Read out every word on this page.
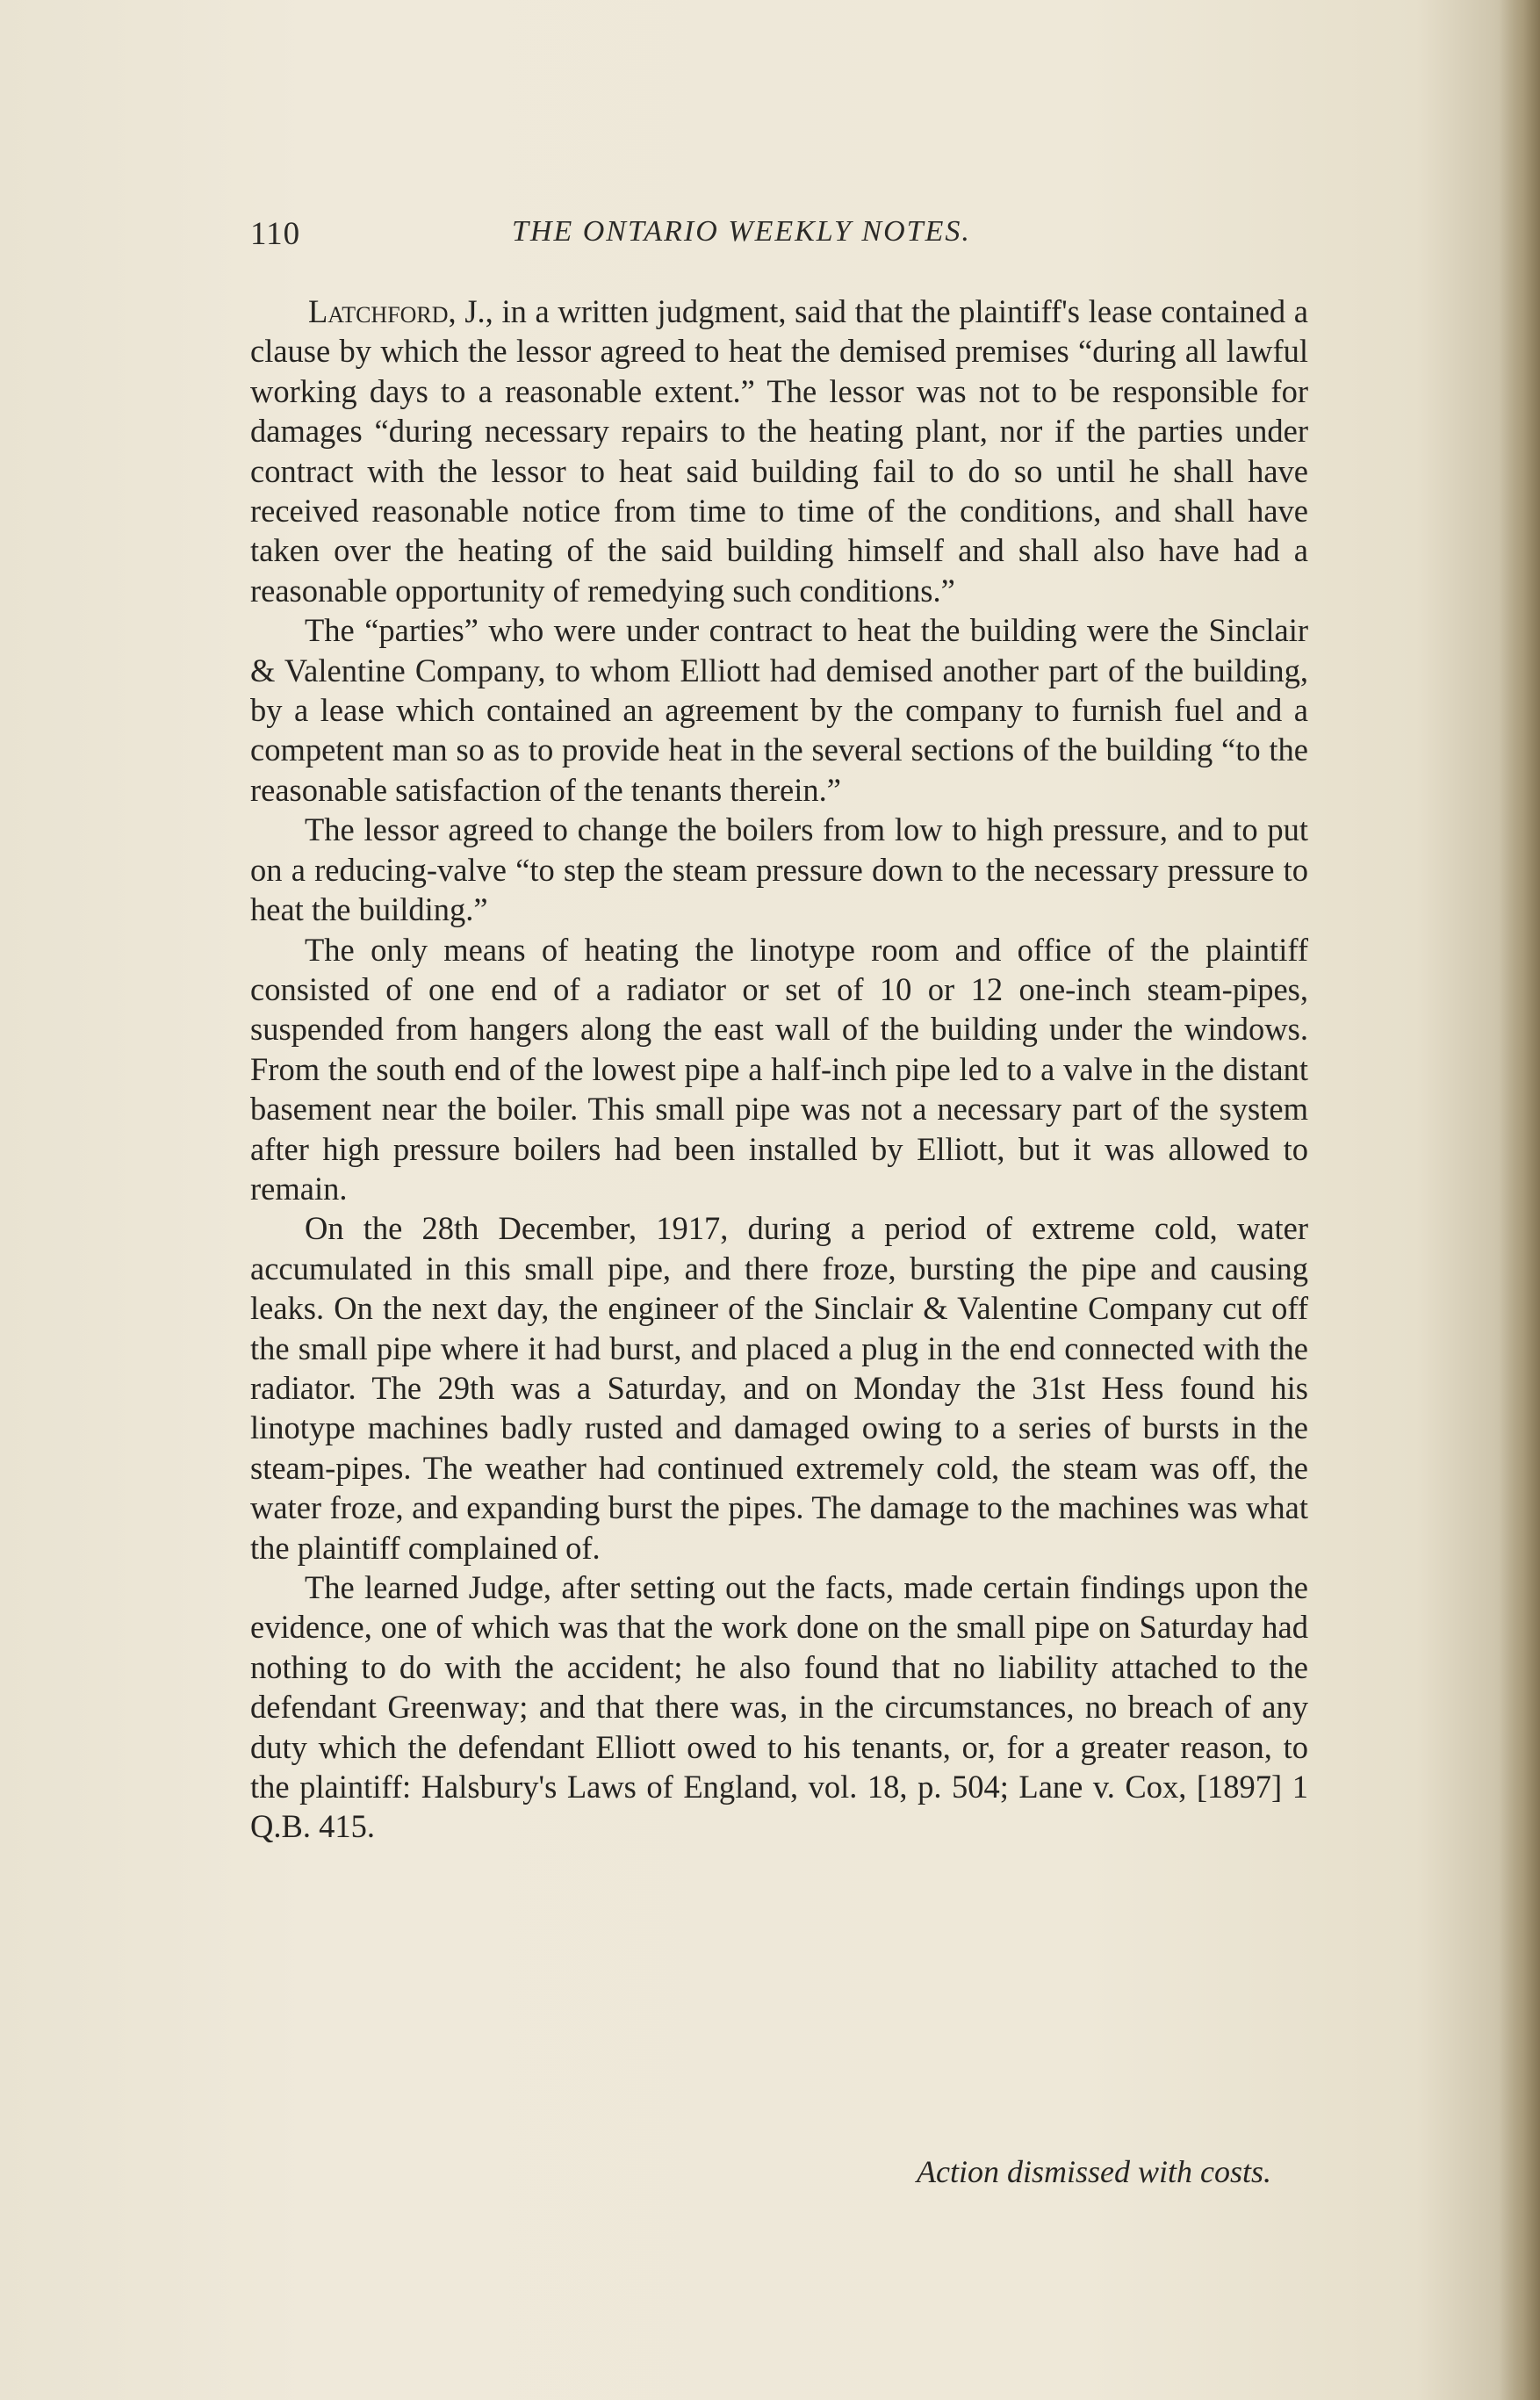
110	THE ONTARIO WEEKLY NOTES.

Latchford, J., in a written judgment, said that the plaintiff's lease contained a clause by which the lessor agreed to heat the demised premises “during all lawful working days to a reasonable extent.” The lessor was not to be responsible for damages “during necessary repairs to the heating plant, nor if the parties under contract with the lessor to heat said building fail to do so until he shall have received reasonable notice from time to time of the conditions, and shall have taken over the heating of the said building himself and shall also have had a reasonable opportunity of remedying such conditions.”

The “parties” who were under contract to heat the building were the Sinclair & Valentine Company, to whom Elliott had demised another part of the building, by a lease which contained an agreement by the company to furnish fuel and a competent man so as to provide heat in the several sections of the building “to the reasonable satisfaction of the tenants therein.”

The lessor agreed to change the boilers from low to high pressure, and to put on a reducing-valve “to step the steam pressure down to the necessary pressure to heat the building.”

The only means of heating the linotype room and office of the plaintiff consisted of one end of a radiator or set of 10 or 12 one-inch steam-pipes, suspended from hangers along the east wall of the building under the windows. From the south end of the lowest pipe a half-inch pipe led to a valve in the distant basement near the boiler. This small pipe was not a necessary part of the system after high pressure boilers had been installed by Elliott, but it was allowed to remain.

On the 28th December, 1917, during a period of extreme cold, water accumulated in this small pipe, and there froze, bursting the pipe and causing leaks. On the next day, the engineer of the Sinclair & Valentine Company cut off the small pipe where it had burst, and placed a plug in the end connected with the radiator. The 29th was a Saturday, and on Monday the 31st Hess found his linotype machines badly rusted and damaged owing to a series of bursts in the steam-pipes. The weather had continued extremely cold, the steam was off, the water froze, and expanding burst the pipes. The damage to the machines was what the plaintiff complained of.

The learned Judge, after setting out the facts, made certain findings upon the evidence, one of which was that the work done on the small pipe on Saturday had nothing to do with the accident; he also found that no liability attached to the defendant Greenway; and that there was, in the circumstances, no breach of any duty which the defendant Elliott owed to his tenants, or, for a greater reason, to the plaintiff: Halsbury's Laws of England, vol. 18, p. 504; Lane v. Cox, [1897] 1 Q.B. 415.

Action dismissed with costs.
